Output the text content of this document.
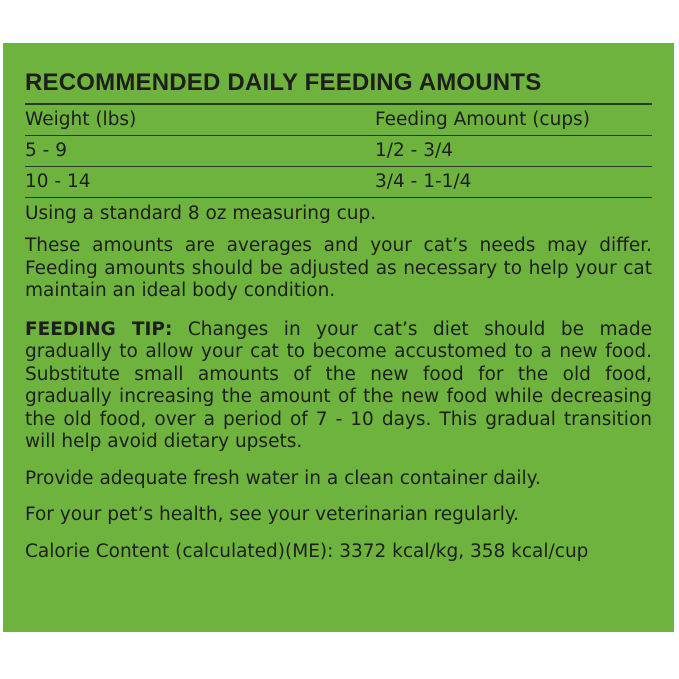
RECOMMENDED DAILY FEEDING AMOUNTS
Weight (lbs)	Feeding Amount (cups)
5 - 9	1/2 - 3/4
10 - 14	3/4 - 1-1/4

Using a standard 8 oz measuring cup.

These amounts are averages and your cat’s needs may differ. Feeding amounts should be adjusted as necessary to help your cat maintain an ideal body condition.

FEEDING TIP: Changes in your cat’s diet should be made gradually to allow your cat to become accustomed to a new food. Substitute small amounts of the new food for the old food, gradually increasing the amount of the new food while decreasing the old food, over a period of 7 - 10 days. This gradual transition will help avoid dietary upsets.

Provide adequate fresh water in a clean container daily.

For your pet’s health, see your veterinarian regularly.

Calorie Content (calculated)(ME): 3372 kcal/kg, 358 kcal/cup
